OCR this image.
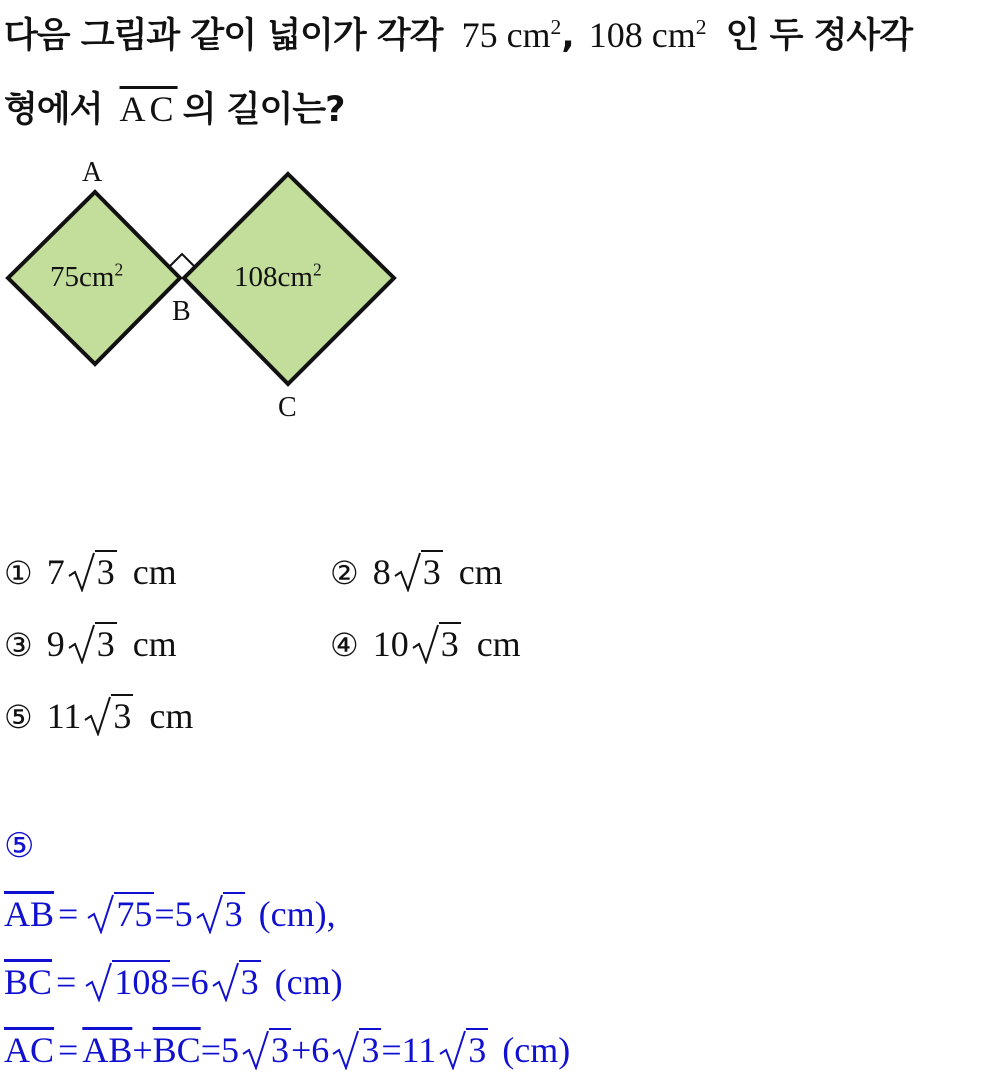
다음 그림과 같이 넓이가 각각 75 $cm^2$, 108 $cm^2$ 인 두 정사각
형에서 $\overline{AC}$ 의 길이는?
A
B
C
$75cm^2$	$108cm^2$
① 7 3 cm	② 8 3 cm
③ 9 3 cm	④ 10 3 cm
⑤ 11 3 cm
⑤
$\overline{AB} = 75=5$ 3 (cm),
$\overline{BC} = 108=6$ 3 (cm)
$\overline{AC} = \overline{AB}+\overline{BC}=5$ 3+6 3=11 3 (cm)
